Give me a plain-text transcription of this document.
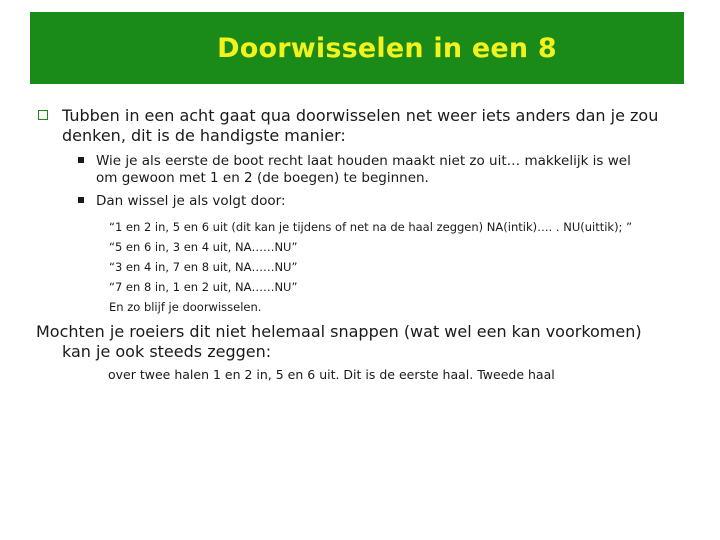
Doorwisselen in een 8
Tubben in een acht gaat qua doorwisselen net weer iets anders dan je zou
denken, dit is de handigste manier:
Wie je als eerste de boot recht laat houden maakt niet zo uit… makkelijk is wel
om gewoon met 1 en 2 (de boegen) te beginnen.
Dan wissel je als volgt door:
“1 en 2 in, 5 en 6 uit (dit kan je tijdens of net na de haal zeggen) NA(intik)…. . NU(uittik); ”
“5 en 6 in, 3 en 4 uit, NA……NU”
“3 en 4 in, 7 en 8 uit, NA……NU”
“7 en 8 in, 1 en 2 uit, NA……NU”
En zo blijf je doorwisselen.
Mochten je roeiers dit niet helemaal snappen (wat wel een kan voorkomen)
kan je ook steeds zeggen:
over twee halen 1 en 2 in, 5 en 6 uit. Dit is de eerste haal. Tweede haal
